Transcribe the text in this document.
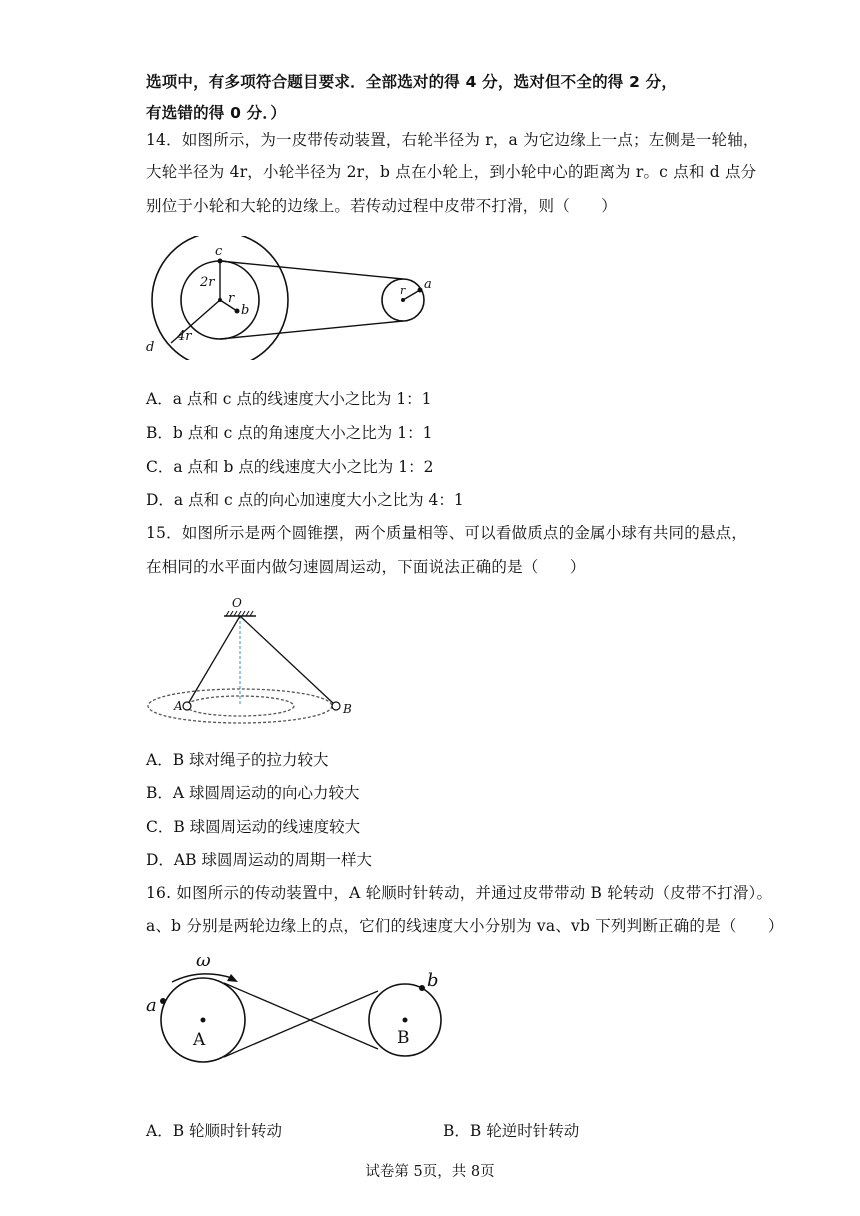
选项中，有多项符合题目要求．全部选对的得 4 分，选对但不全的得 2 分，
有选错的得 0 分．）
14．如图所示，为一皮带传动装置，右轮半径为 r，a 为它边缘上一点；左侧是一轮轴，
大轮半径为 4r，小轮半径为 2r，b 点在小轮上，到小轮中心的距离为 r。c 点和 d 点分
别位于小轮和大轮的边缘上。若传动过程中皮带不打滑，则（　　）
c
2r
r
b
d
4r
r a
A．a 点和 c 点的线速度大小之比为 1：1
B．b 点和 c 点的角速度大小之比为 1：1
C．a 点和 b 点的线速度大小之比为 1：2
D．a 点和 c 点的向心加速度大小之比为 4：1
15．如图所示是两个圆锥摆，两个质量相等、可以看做质点的金属小球有共同的悬点，
在相同的水平面内做匀速圆周运动，下面说法正确的是（　　）
O
A	B
A．B 球对绳子的拉力较大
B．A 球圆周运动的向心力较大
C．B 球圆周运动的线速度较大
D．AB 球圆周运动的周期一样大
16. 如图所示的传动装置中，A 轮顺时针转动，并通过皮带带动 B 轮转动（皮带不打滑）。
a、b 分别是两轮边缘上的点，它们的线速度大小分别为 va、vb 下列判断正确的是（　　）
ω
A
a
B
b
A．B 轮顺时针转动	B．B 轮逆时针转动
试卷第 5页，共 8页
